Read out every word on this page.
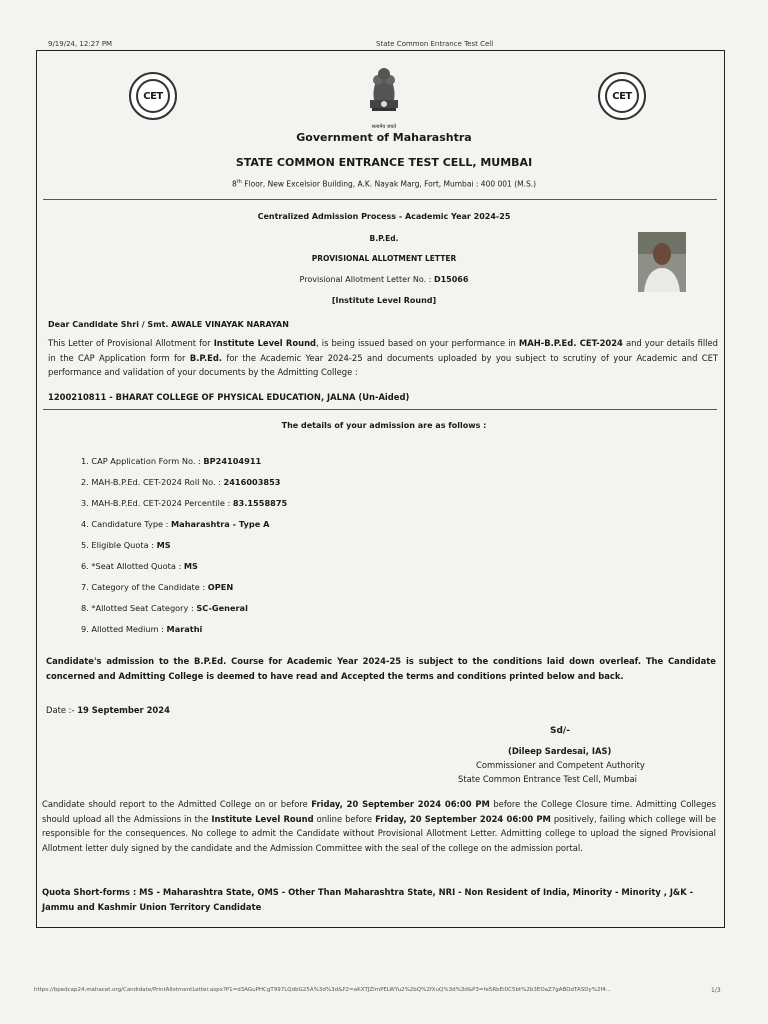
9/19/24, 12:27 PM	State Common Entrance Test Cell
CET	CET
सत्यमेव जयते
Government of Maharashtra
STATE COMMON ENTRANCE TEST CELL, MUMBAI
8th Floor, New Excelsior Building, A.K. Nayak Marg, Fort, Mumbai : 400 001 (M.S.)
Centralized Admission Process - Academic Year 2024-25
B.P.Ed.
PROVISIONAL ALLOTMENT LETTER
Provisional Allotment Letter No. : D15066
[Institute Level Round]
Dear Candidate Shri / Smt. AWALE VINAYAK NARAYAN
This Letter of Provisional Allotment for Institute Level Round, is being issued based on your performance in MAH-B.P.Ed. CET-2024 and your details filled in the CAP Application form for B.P.Ed. for the Academic Year 2024-25 and documents uploaded by you subject to scrutiny of your Academic and CET performance and validation of your documents by the Admitting College :
1200210811 - BHARAT COLLEGE OF PHYSICAL EDUCATION, JALNA (Un-Aided)
The details of your admission are as follows :
1. CAP Application Form No. : BP24104911
2. MAH-B.P.Ed. CET-2024 Roll No. : 2416003853
3. MAH-B.P.Ed. CET-2024 Percentile : 83.1558875
4. Candidature Type : Maharashtra - Type A
5. Eligible Quota : MS
6. *Seat Allotted Quota : MS
7. Category of the Candidate : OPEN
8. *Allotted Seat Category : SC-General
9. Allotted Medium : Marathi
Candidate's admission to the B.P.Ed. Course for Academic Year 2024-25 is subject to the conditions laid down overleaf. The Candidate concerned and Admitting College is deemed to have read and Accepted the terms and conditions printed below and back.
Date :- 19 September 2024
Sd/-
(Dileep Sardesai, IAS)
Commissioner and Competent Authority
State Common Entrance Test Cell, Mumbai
Candidate should report to the Admitted College on or before Friday, 20 September 2024 06:00 PM before the College Closure time. Admitting Colleges should upload all the Admissions in the Institute Level Round online before Friday, 20 September 2024 06:00 PM positively, failing which college will be responsible for the consequences. No college to admit the Candidate without Provisional Allotment Letter. Admitting college to upload the signed Provisional Allotment letter duly signed by the candidate and the Admission Committee with the seal of the college on the admission portal.
Quota Short-forms : MS - Maharashtra State, OMS - Other Than Maharashtra State, NRI - Non Resident of India, Minority - Minority , J&K - Jammu and Kashmir Union Territory Candidate
https://bpedcap24.mahacet.org/Candidate/PrintAllotmentLetter.aspx?P1=d3AGuPHCgT997LQdbG25A%3d%3d&P2=aKXTJZlmPELWYu2%2bQ%2fXuQ%3d%3d&P3=fe5RbEi0C5bt%2b3EOaZ7gABOdTASDy%2f4...	1/3
